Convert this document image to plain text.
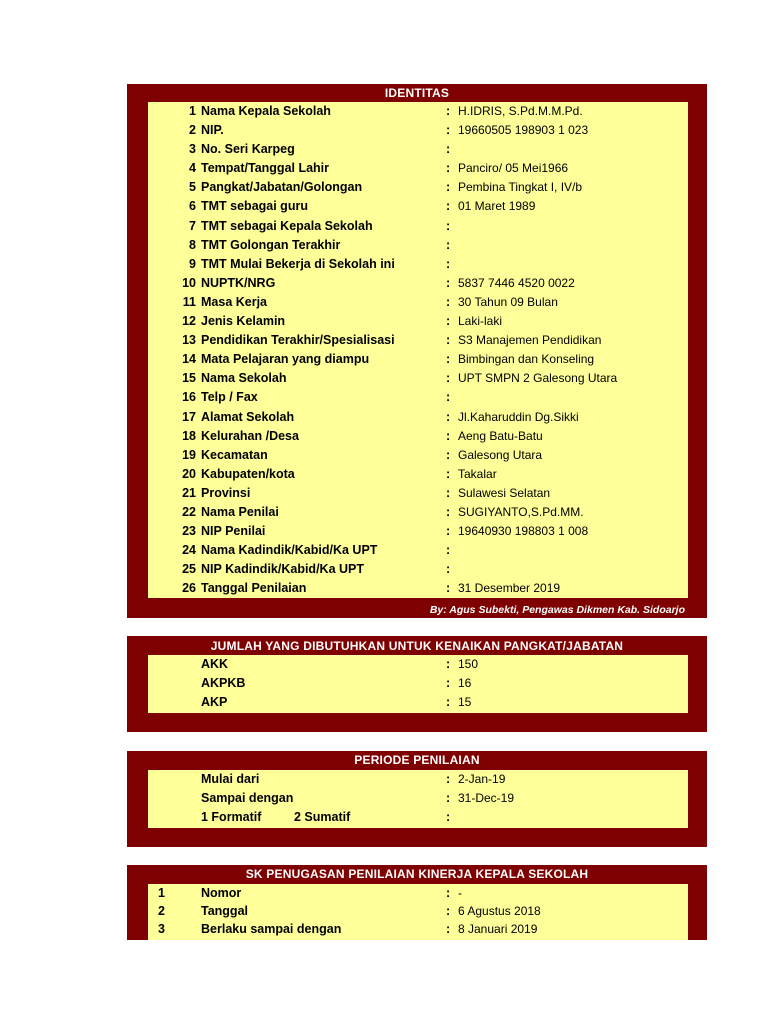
IDENTITAS
1 Nama Kepala Sekolah	: H.IDRIS, S.Pd.M.M.Pd.
2 NIP.	: 19660505 198903 1 023
3 No. Seri Karpeg	:
4 Tempat/Tanggal Lahir	: Panciro/ 05 Mei1966
5 Pangkat/Jabatan/Golongan	: Pembina Tingkat I, IV/b
6 TMT sebagai guru	: 01 Maret 1989
7 TMT sebagai Kepala Sekolah	:
8 TMT Golongan Terakhir	:
9 TMT Mulai Bekerja di Sekolah ini	:
10 NUPTK/NRG	: 5837 7446 4520 0022
11 Masa Kerja	: 30 Tahun 09 Bulan
12 Jenis Kelamin	: Laki-laki
13 Pendidikan Terakhir/Spesialisasi	: S3 Manajemen Pendidikan
14 Mata Pelajaran yang diampu	: Bimbingan dan Konseling
15 Nama Sekolah	: UPT SMPN 2 Galesong Utara
16 Telp / Fax	:
17 Alamat Sekolah	: Jl.Kaharuddin Dg.Sikki
18 Kelurahan /Desa	: Aeng Batu-Batu
19 Kecamatan	: Galesong Utara
20 Kabupaten/kota	: Takalar
21 Provinsi	: Sulawesi Selatan
22 Nama Penilai	: SUGIYANTO,S.Pd.MM.
23 NIP Penilai	: 19640930 198803 1 008
24 Nama Kadindik/Kabid/Ka UPT	:
25 NIP Kadindik/Kabid/Ka UPT	:
26 Tanggal Penilaian	: 31 Desember 2019
By: Agus Subekti, Pengawas Dikmen Kab. Sidoarjo
JUMLAH YANG DIBUTUHKAN UNTUK KENAIKAN PANGKAT/JABATAN
AKK	: 150
AKPKB	: 16
AKP	: 15
PERIODE PENILAIAN
Mulai dari	: 2-Jan-19
Sampai dengan	: 31-Dec-19
1 Formatif	2 Sumatif	:
SK PENUGASAN PENILAIAN KINERJA KEPALA SEKOLAH
1	Nomor	: -
2	Tanggal	: 6 Agustus 2018
3	Berlaku sampai dengan	: 8 Januari 2019
